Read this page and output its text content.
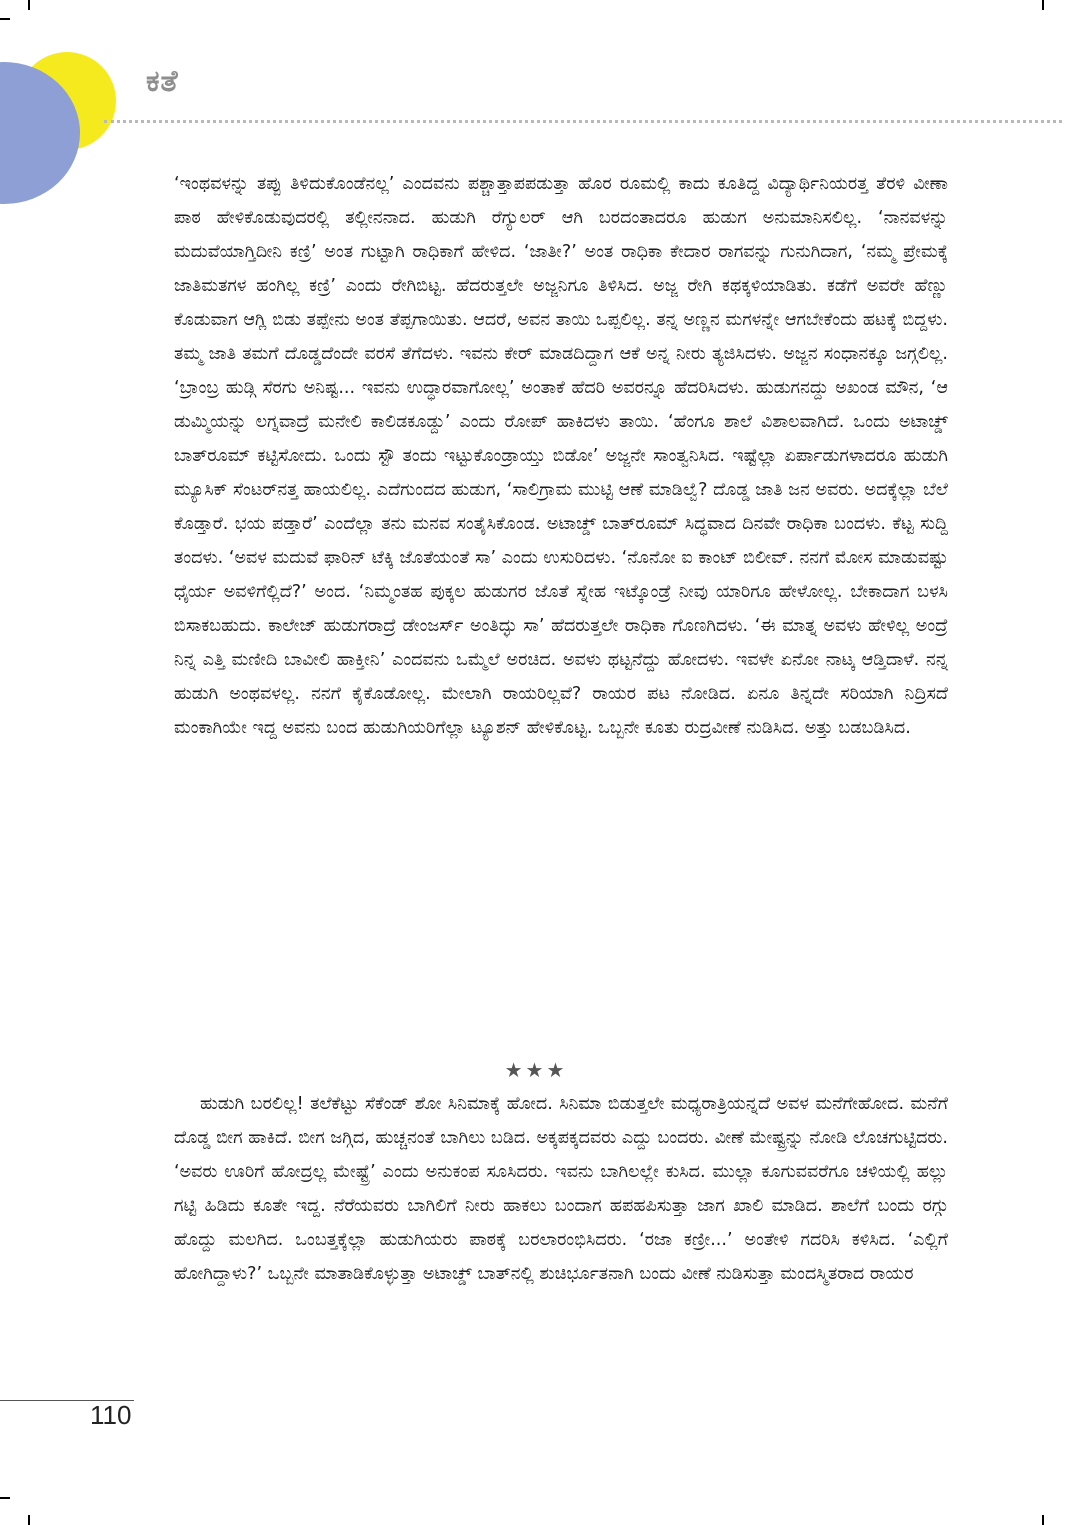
ಕತೆ

‘ಇಂಥವಳನ್ನು ತಪ್ಪು ತಿಳಿದುಕೊಂಡೆನಲ್ಲ’ ಎಂದವನು ಪಶ್ಚಾತ್ತಾಪಪಡುತ್ತಾ ಹೊರ ರೂಮಲ್ಲಿ ಕಾದು ಕೂತಿದ್ದ ವಿದ್ಯಾರ್ಥಿನಿಯರತ್ತ ತೆರಳಿ ವೀಣಾ ಪಾಠ ಹೇಳಿಕೊಡುವುದರಲ್ಲಿ ತಲ್ಲೀನನಾದ. ಹುಡುಗಿ ರೆಗ್ಯುಲರ್ ಆಗಿ ಬರದಂತಾದರೂ ಹುಡುಗ ಅನುಮಾನಿಸಲಿಲ್ಲ. ‘ನಾನವಳನ್ನು ಮದುವೆಯಾಗ್ತಿದೀನಿ ಕಣ್ರಿ’ ಅಂತ ಗುಟ್ಟಾಗಿ ರಾಧಿಕಾಗೆ ಹೇಳಿದ. ‘ಜಾತೀ?’ ಅಂತ ರಾಧಿಕಾ ಕೇದಾರ ರಾಗವನ್ನು ಗುನುಗಿದಾಗ, ‘ನಮ್ಮ ಪ್ರೇಮಕ್ಕೆ ಜಾತಿಮತಗಳ ಹಂಗಿಲ್ಲ ಕಣ್ರಿ’ ಎಂದು ರೇಗಿಬಿಟ್ಟ. ಹೆದರುತ್ತಲೇ ಅಜ್ಜನಿಗೂ ತಿಳಿಸಿದ. ಅಜ್ಜ ರೇಗಿ ಕಥಕ್ಕಳಿಯಾಡಿತು. ಕಡೆಗೆ ಅವರೇ ಹೆಣ್ಣು ಕೊಡುವಾಗ ಆಗ್ಲಿ ಬಿಡು ತಪ್ಪೇನು ಅಂತ ತೆಪ್ಪಗಾಯಿತು. ಆದರೆ, ಅವನ ತಾಯಿ ಒಪ್ಪಲಿಲ್ಲ. ತನ್ನ ಅಣ್ಣನ ಮಗಳನ್ನೇ ಆಗಬೇಕೆಂದು ಹಟಕ್ಕೆ ಬಿದ್ದಳು. ತಮ್ಮ ಜಾತಿ ತಮಗೆ ದೊಡ್ಡದೆಂದೇ ವರಸೆ ತೆಗೆದಳು. ಇವನು ಕೇರ್ ಮಾಡದಿದ್ದಾಗ ಆಕೆ ಅನ್ನ ನೀರು ತ್ಯಜಿಸಿದಳು. ಅಜ್ಜನ ಸಂಧಾನಕ್ಕೂ ಜಗ್ಗಲಿಲ್ಲ. ‘ಬ್ರಾಂಬ್ರ ಹುಡ್ಗಿ ಸೆರಗು ಅನಿಷ್ಟ... ಇವನು ಉದ್ಧಾರವಾಗೋಲ್ಲ’ ಅಂತಾಕೆ ಹೆದರಿ ಅವರನ್ನೂ ಹೆದರಿಸಿದಳು. ಹುಡುಗನದ್ದು ಅಖಂಡ ಮೌನ, ‘ಆ ಡುಮ್ಮಿಯನ್ನು ಲಗ್ನವಾದ್ರೆ ಮನೇಲಿ ಕಾಲಿಡಕೂಡ್ದು’ ಎಂದು ರೋಪ್ ಹಾಕಿದಳು ತಾಯಿ. ‘ಹೆಂಗೂ ಶಾಲೆ ವಿಶಾಲವಾಗಿದೆ. ಒಂದು ಅಟಾಚ್ಡ್ ಬಾತ್‌ರೂಮ್ ಕಟ್ಟಿಸೋದು. ಒಂದು ಸ್ಟೌ ತಂದು ಇಟ್ಟುಕೊಂಡ್ರಾಯ್ತು ಬಿಡೋ’ ಅಜ್ಜನೇ ಸಾಂತ್ವನಿಸಿದ. ಇಷ್ಟೆಲ್ಲಾ ಏರ್ಪಾಡುಗಳಾದರೂ ಹುಡುಗಿ ಮ್ಯೂಸಿಕ್ ಸೆಂಟರ್‌ನತ್ತ ಹಾಯಲಿಲ್ಲ. ಎದೆಗುಂದದ ಹುಡುಗ, ‘ಸಾಲಿಗ್ರಾಮ ಮುಟ್ಟಿ ಆಣೆ ಮಾಡಿಲ್ವೆ? ದೊಡ್ಡ ಜಾತಿ ಜನ ಅವರು. ಅದಕ್ಕೆಲ್ಲಾ ಬೆಲೆ ಕೊಡ್ತಾರೆ. ಭಯ ಪಡ್ತಾರೆ’ ಎಂದೆಲ್ಲಾ ತನು ಮನವ ಸಂತೈಸಿಕೊಂಡ. ಅಟಾಚ್ಡ್ ಬಾತ್‌ರೂಮ್ ಸಿದ್ಧವಾದ ದಿನವೇ ರಾಧಿಕಾ ಬಂದಳು. ಕೆಟ್ಟ ಸುದ್ದಿ ತಂದಳು. ‘ಅವಳ ಮದುವೆ ಫಾರಿನ್ ಟೆಕ್ಕಿ ಜೊತೆಯಂತೆ ಸಾ’ ಎಂದು ಉಸುರಿದಳು. ‘ನೊನೋ ಐ ಕಾಂಟ್ ಬಿಲೀವ್. ನನಗೆ ಮೋಸ ಮಾಡುವಷ್ಟು ಧೈರ್ಯ ಅವಳಿಗೆಲ್ಲಿದೆ?’ ಅಂದ. ‘ನಿಮ್ಮಂತಹ ಪುಕ್ಕಲ ಹುಡುಗರ ಜೊತೆ ಸ್ನೇಹ ಇಟ್ಕೊಂಡ್ರೆ ನೀವು ಯಾರಿಗೂ ಹೇಳೋಲ್ಲ. ಬೇಕಾದಾಗ ಬಳಸಿ ಬಿಸಾಕಬಹುದು. ಕಾಲೇಜ್ ಹುಡುಗರಾದ್ರೆ ಡೇಂಜರ್ಸ್ ಅಂತಿದ್ಳು ಸಾ’ ಹೆದರುತ್ತಲೇ ರಾಧಿಕಾ ಗೊಣಗಿದಳು. ‘ಈ ಮಾತ್ನ ಅವಳು ಹೇಳಿಲ್ಲ ಅಂದ್ರೆ ನಿನ್ನ ಎತ್ತಿ ಮಣೀದಿ ಬಾವೀಲಿ ಹಾಕ್ತೀನಿ’ ಎಂದವನು ಒಮ್ಮೆಲೆ ಅರಚಿದ. ಅವಳು ಥಟ್ಟನೆದ್ದು ಹೋದಳು. ಇವಳೇ ಏನೋ ನಾಟ್ಕ ಆಡ್ತಿದಾಳೆ. ನನ್ನ ಹುಡುಗಿ ಅಂಥವಳಲ್ಲ. ನನಗೆ ಕೈಕೊಡೋಲ್ಲ. ಮೇಲಾಗಿ ರಾಯರಿಲ್ಲವೆ? ರಾಯರ ಪಟ ನೋಡಿದ. ಏನೂ ತಿನ್ನದೇ ಸರಿಯಾಗಿ ನಿದ್ರಿಸದೆ ಮಂಕಾಗಿಯೇ ಇದ್ದ ಅವನು ಬಂದ ಹುಡುಗಿಯರಿಗೆಲ್ಲಾ ಟ್ಯೂಶನ್ ಹೇಳಿಕೊಟ್ಟ. ಒಬ್ಬನೇ ಕೂತು ರುದ್ರವೀಣೆ ನುಡಿಸಿದ. ಅತ್ತು ಬಡಬಡಿಸಿದ.

★★★

ಹುಡುಗಿ ಬರಲಿಲ್ಲ! ತಲೆಕೆಟ್ಟು ಸೆಕೆಂಡ್ ಶೋ ಸಿನಿಮಾಕ್ಕೆ ಹೋದ. ಸಿನಿಮಾ ಬಿಡುತ್ತಲೇ ಮಧ್ಯರಾತ್ರಿಯನ್ನದೆ ಅವಳ ಮನೆಗೇಹೋದ. ಮನೆಗೆ ದೊಡ್ಡ ಬೀಗ ಹಾಕಿದೆ. ಬೀಗ ಜಗ್ಗಿದ, ಹುಚ್ಚನಂತೆ ಬಾಗಿಲು ಬಡಿದ. ಅಕ್ಕಪಕ್ಕದವರು ಎದ್ದು ಬಂದರು. ವೀಣೆ ಮೇಷ್ಟ್ರನ್ನು ನೋಡಿ ಲೊಚಗುಟ್ಟಿದರು. ‘ಅವರು ಊರಿಗೆ ಹೋದ್ರಲ್ಲ ಮೇಷ್ಟ್ರೆ’ ಎಂದು ಅನುಕಂಪ ಸೂಸಿದರು. ಇವನು ಬಾಗಿಲಲ್ಲೇ ಕುಸಿದ. ಮುಲ್ಲಾ ಕೂಗುವವರೆಗೂ ಚಳಿಯಲ್ಲಿ ಹಲ್ಲು ಗಟ್ಟಿ ಹಿಡಿದು ಕೂತೇ ಇದ್ದ. ನೆರೆಯವರು ಬಾಗಿಲಿಗೆ ನೀರು ಹಾಕಲು ಬಂದಾಗ ಹಪಹಪಿಸುತ್ತಾ ಜಾಗ ಖಾಲಿ ಮಾಡಿದ. ಶಾಲೆಗೆ ಬಂದು ರಗ್ಗು ಹೊದ್ದು ಮಲಗಿದ. ಒಂಬತ್ತಕ್ಕೆಲ್ಲಾ ಹುಡುಗಿಯರು ಪಾಠಕ್ಕೆ ಬರಲಾರಂಭಿಸಿದರು. ‘ರಜಾ ಕಣ್ರೀ...’ ಅಂತೇಳಿ ಗದರಿಸಿ ಕಳಿಸಿದ. ‘ಎಲ್ಲಿಗೆ ಹೋಗಿದ್ದಾಳು?’ ಒಬ್ಬನೇ ಮಾತಾಡಿಕೊಳ್ಳುತ್ತಾ ಅಟಾಚ್ಡ್ ಬಾತ್‌ನಲ್ಲಿ ಶುಚಿರ್ಭೂತನಾಗಿ ಬಂದು ವೀಣೆ ನುಡಿಸುತ್ತಾ ಮಂದಸ್ಮಿತರಾದ ರಾಯರ

110
